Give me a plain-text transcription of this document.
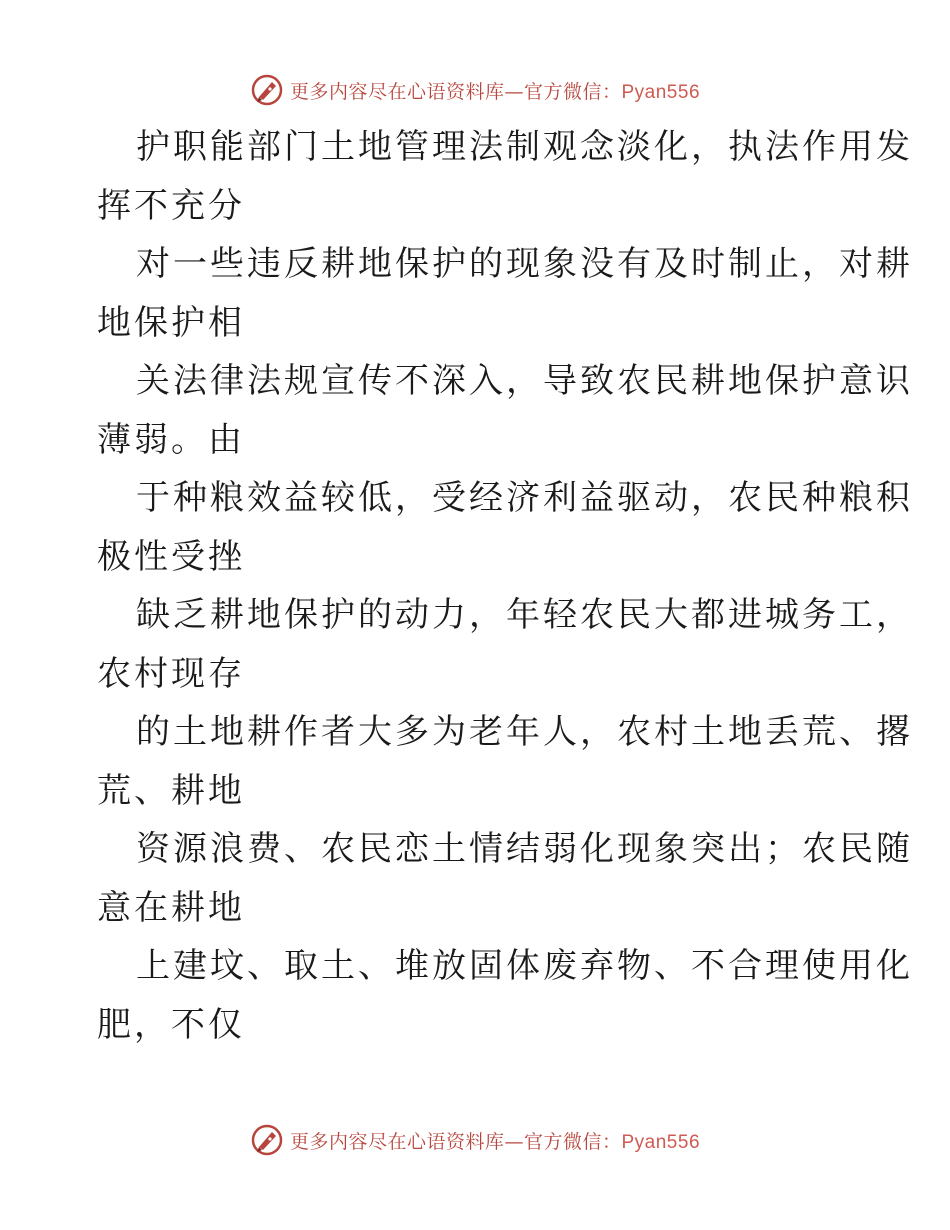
更多内容尽在心语资料库—官方微信：Pyan556
护职能部门土地管理法制观念淡化，执法作用发
挥不充分
对一些违反耕地保护的现象没有及时制止，对耕
地保护相
关法律法规宣传不深入，导致农民耕地保护意识
薄弱。由
于种粮效益较低，受经济利益驱动，农民种粮积
极性受挫
缺乏耕地保护的动力，年轻农民大都进城务工，
农村现存
的土地耕作者大多为老年人，农村土地丢荒、撂
荒、耕地
资源浪费、农民恋土情结弱化现象突出；农民随
意在耕地
上建坟、取土、堆放固体废弃物、不合理使用化
肥，不仅
更多内容尽在心语资料库—官方微信：Pyan556
